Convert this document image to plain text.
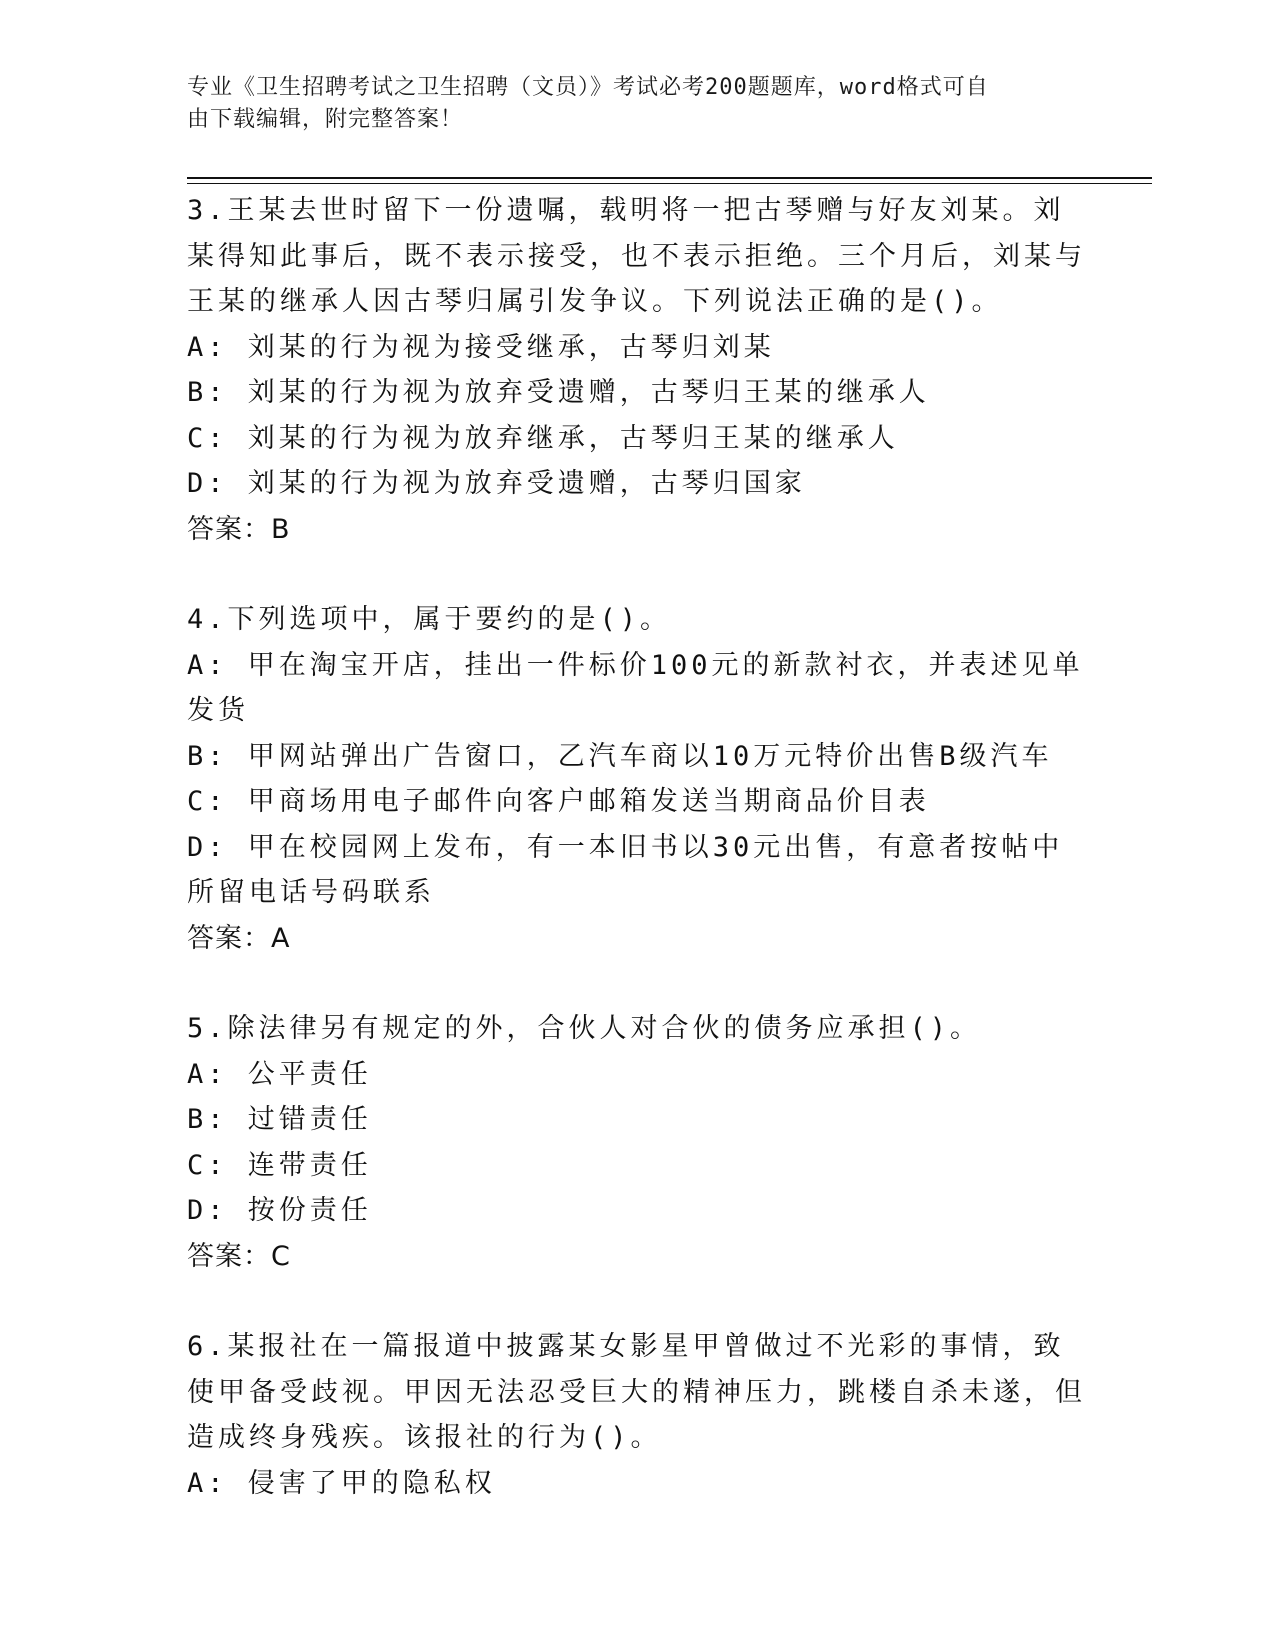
专业《卫生招聘考试之卫生招聘（文员）》考试必考200题题库，word格式可自
由下载编辑，附完整答案！

3.王某去世时留下一份遗嘱，载明将一把古琴赠与好友刘某。刘某得知此事后，既不表示接受，也不表示拒绝。三个月后，刘某与王某的继承人因古琴归属引发争议。下列说法正确的是()。

A: 刘某的行为视为接受继承，古琴归刘某

B: 刘某的行为视为放弃受遗赠，古琴归王某的继承人

C: 刘某的行为视为放弃继承，古琴归王某的继承人

D: 刘某的行为视为放弃受遗赠，古琴归国家

答案：B

4.下列选项中，属于要约的是()。

A: 甲在淘宝开店，挂出一件标价100元的新款衬衣，并表述见单发货

B: 甲网站弹出广告窗口，乙汽车商以10万元特价出售B级汽车

C: 甲商场用电子邮件向客户邮箱发送当期商品价目表

D: 甲在校园网上发布，有一本旧书以30元出售，有意者按帖中所留电话号码联系

答案：A

5.除法律另有规定的外，合伙人对合伙的债务应承担()。

A: 公平责任

B: 过错责任

C: 连带责任

D: 按份责任

答案：C

6.某报社在一篇报道中披露某女影星甲曾做过不光彩的事情，致使甲备受歧视。甲因无法忍受巨大的精神压力，跳楼自杀未遂，但造成终身残疾。该报社的行为()。

A: 侵害了甲的隐私权
